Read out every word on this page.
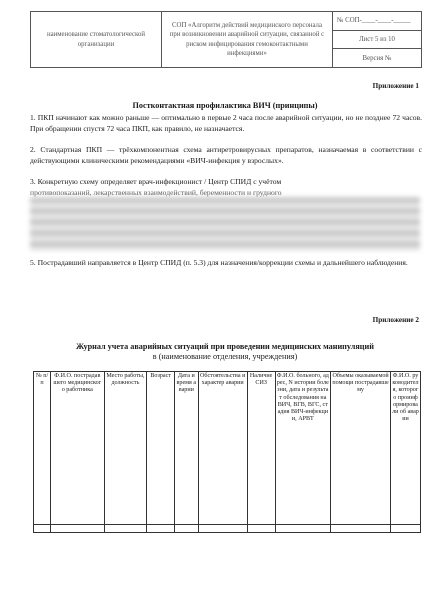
наименование стоматологической организации
СОП «Алгоритм действий медицинского персонала при возникновении аварийной ситуации, связанной с риском инфицирования гемоконтактными инфекциями»
№ СОП-____-____-_____
Лист 5 из 10
Версия №
Приложение 1
Постконтактная профилактика ВИЧ (принципы)
1. ПКП начинают как можно раньше — оптимально в первые 2 часа после аварийной ситуации, но не позднее 72 часов. При обращении спустя 72 часа ПКП, как правило, не назначается.
2. Стандартная ПКП — трёхкомпонентная схема антиретровирусных препаратов, назначаемая в соответствии с действующими клиническими рекомендациями «ВИЧ-инфекция у взрослых».
3. Конкретную схему определяет врач-инфекционист / Центр СПИД с учётом
противопоказаний, лекарственных взаимодействий, беременности и грудного
5. Пострадавший направляется в Центр СПИД (п. 5.3) для назначения/коррекции схемы и дальнейшего наблюдения.
Приложение 2
Журнал учета аварийных ситуаций при проведении медицинских манипуляций
в (наименование отделения, учреждения)
№ п/п	Ф.И.О. пострадавшего медицинского работника	Место работы, должность	Возраст	Дата и время аварии	Обстоятельства и характер аварии	Наличие СИЗ	Ф.И.О. больного, адрес, N истории болезни, дата и результат обследования на ВИЧ, ВГВ, ВГС, стадия ВИЧ-инфекции, АРВТ	Объемы оказываемой помощи пострадавшему	Ф.И.О. руководителя, которого проинформировали об аварии
